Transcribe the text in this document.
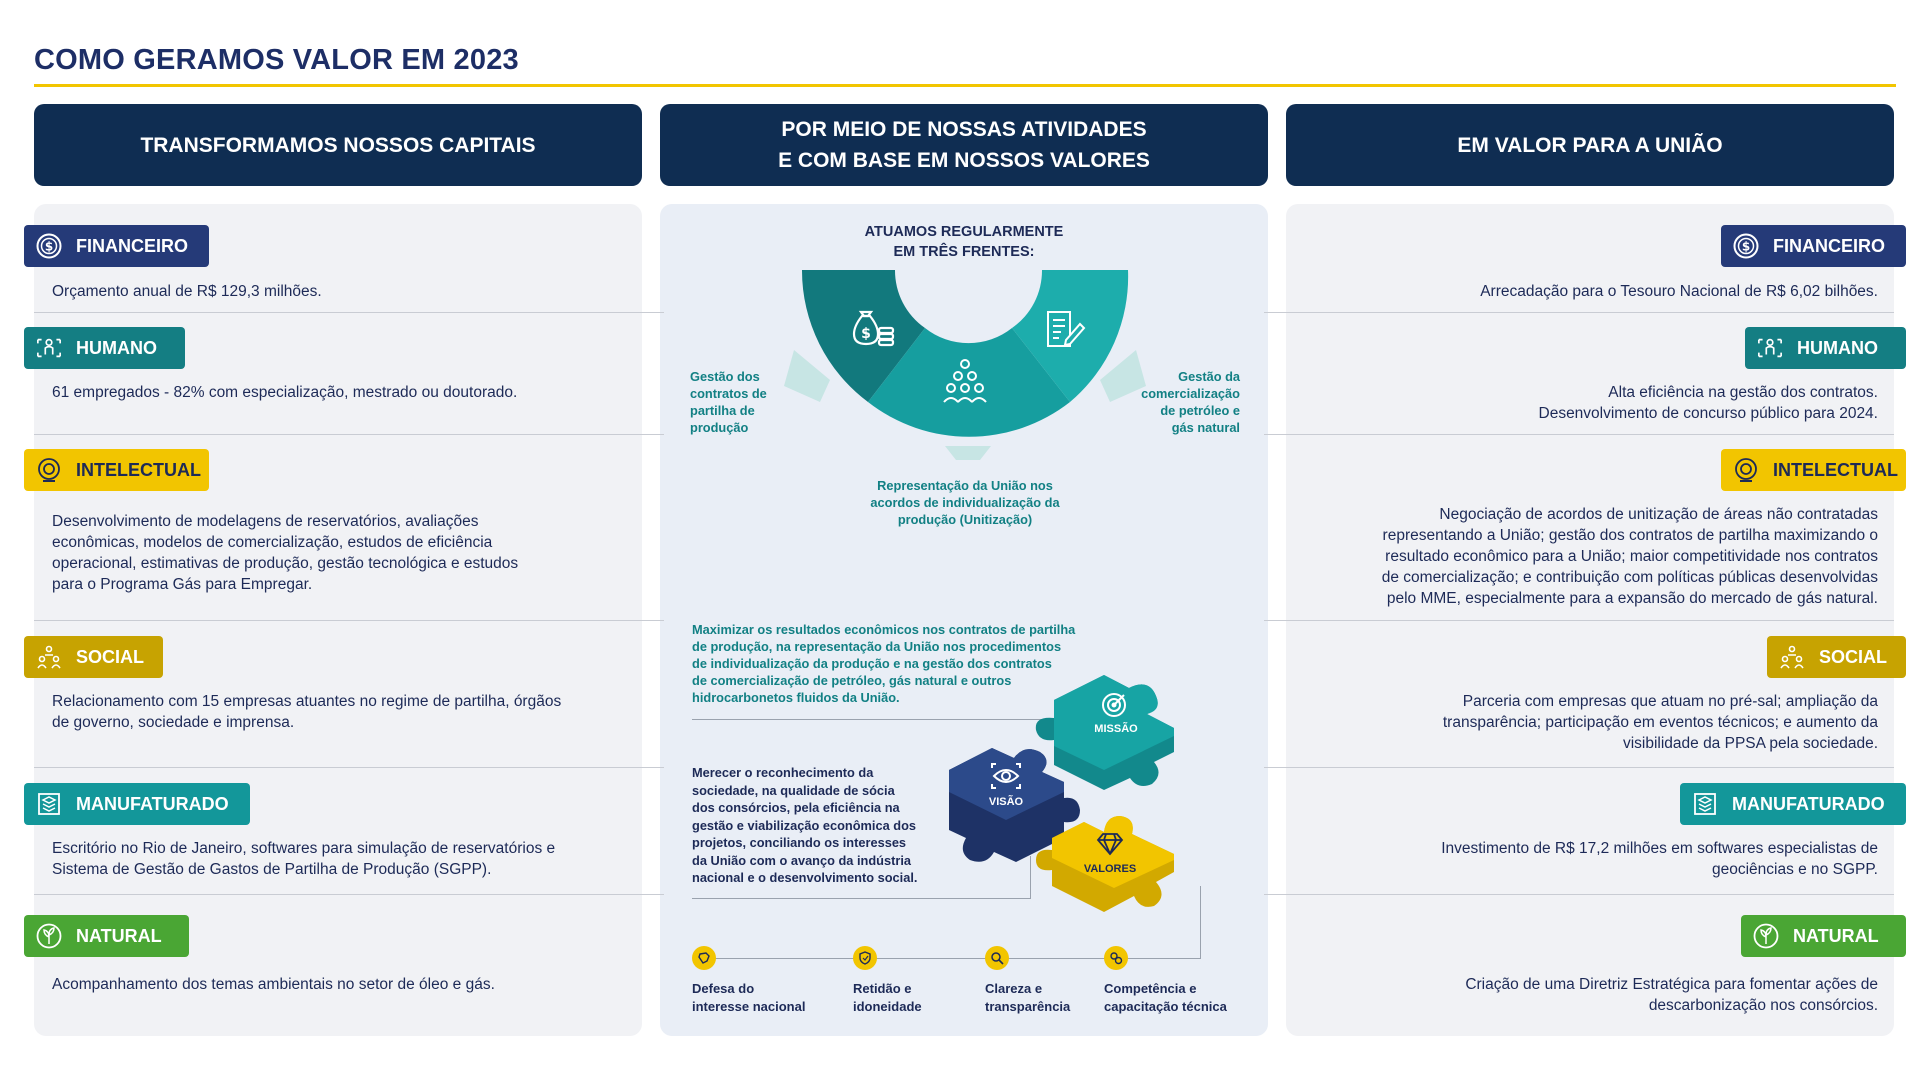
COMO GERAMOS VALOR EM 2023
TRANSFORMAMOS NOSSOS CAPITAIS
POR MEIO DE NOSSAS ATIVIDADES
E COM BASE EM NOSSOS VALORES
EM VALOR PARA A UNIÃO
$ FINANCEIRO
Orçamento anual de R$ 129,3 milhões.
HUMANO
61 empregados - 82% com especialização, mestrado ou doutorado.
INTELECTUAL
Desenvolvimento de modelagens de reservatórios, avaliações
econômicas, modelos de comercialização, estudos de eficiência
operacional, estimativas de produção, gestão tecnológica e estudos
para o Programa Gás para Empregar.
SOCIAL
Relacionamento com 15 empresas atuantes no regime de partilha, órgãos
de governo, sociedade e imprensa.
MANUFATURADO
Escritório no Rio de Janeiro, softwares para simulação de reservatórios e
Sistema de Gestão de Gastos de Partilha de Produção (SGPP).
NATURAL
Acompanhamento dos temas ambientais no setor de óleo e gás.
$ FINANCEIRO
Arrecadação para o Tesouro Nacional de R$ 6,02 bilhões.
HUMANO
Alta eficiência na gestão dos contratos.
Desenvolvimento de concurso público para 2024.
INTELECTUAL
Negociação de acordos de unitização de áreas não contratadas
representando a União; gestão dos contratos de partilha maximizando o
resultado econômico para a União; maior competitividade nos contratos
de comercialização; e contribuição com políticas públicas desenvolvidas
pelo MME, especialmente para a expansão do mercado de gás natural.
SOCIAL
Parceria com empresas que atuam no pré-sal; ampliação da
transparência; participação em eventos técnicos; e aumento da
visibilidade da PPSA pela sociedade.
MANUFATURADO
Investimento de R$ 17,2 milhões em softwares especialistas de
geociências e no SGPP.
NATURAL
Criação de uma Diretriz Estratégica para fomentar ações de
descarbonização nos consórcios.
ATUAMOS REGULARMENTE
EM TRÊS FRENTES:
$
Gestão dos
contratos de
partilha de
produção
Gestão da
comercialização
de petróleo e
gás natural
Representação da União nos
acordos de individualização da
produção (Unitização)
Maximizar os resultados econômicos nos contratos de partilha
de produção, na representação da União nos procedimentos
de individualização da produção e na gestão dos contratos
de comercialização de petróleo, gás natural e outros
hidrocarbonetos fluidos da União.
Merecer o reconhecimento da
sociedade, na qualidade de sócia
dos consórcios, pela eficiência na
gestão e viabilização econômica dos
projetos, conciliando os interesses
da União com o avanço da indústria
nacional e o desenvolvimento social.
MISSÃO
VISÃO
VALORES
Defesa do
interesse nacional
Retidão e
idoneidade
Clareza e
transparência
Competência e
capacitação técnica
